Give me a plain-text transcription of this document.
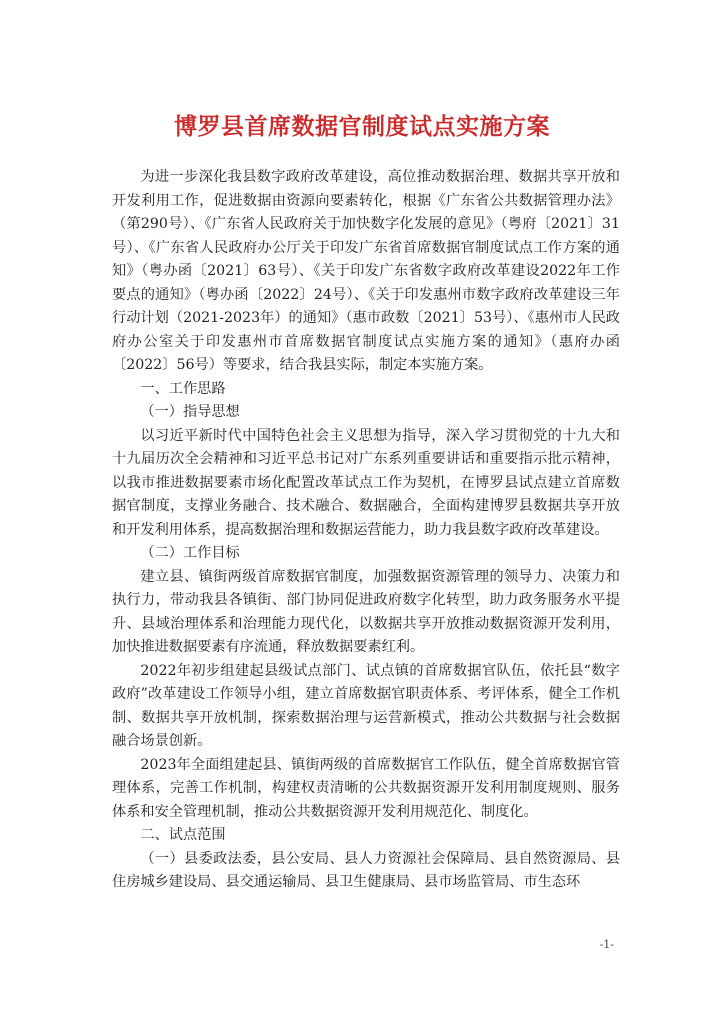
博罗县首席数据官制度试点实施方案

为进一步深化我县数字政府改革建设，高位推动数据治理、数据共享开放和开发利用工作，促进数据由资源向要素转化，根据《广东省公共数据管理办法》（第290号）、《广东省人民政府关于加快数字化发展的意见》（粤府〔2021〕31号）、《广东省人民政府办公厅关于印发广东省首席数据官制度试点工作方案的通知》（粤办函〔2021〕63号）、《关于印发广东省数字政府改革建设2022年工作要点的通知》（粤办函〔2022〕24号）、《关于印发惠州市数字政府改革建设三年行动计划（2021-2023年）的通知》（惠市政数〔2021〕53号）、《惠州市人民政府办公室关于印发惠州市首席数据官制度试点实施方案的通知》（惠府办函〔2022〕56号）等要求，结合我县实际，制定本实施方案。

一、工作思路

（一）指导思想

以习近平新时代中国特色社会主义思想为指导，深入学习贯彻党的十九大和十九届历次全会精神和习近平总书记对广东系列重要讲话和重要指示批示精神，以我市推进数据要素市场化配置改革试点工作为契机，在博罗县试点建立首席数据官制度，支撑业务融合、技术融合、数据融合，全面构建博罗县数据共享开放和开发利用体系，提高数据治理和数据运营能力，助力我县数字政府改革建设。

（二）工作目标

建立县、镇街两级首席数据官制度，加强数据资源管理的领导力、决策力和执行力，带动我县各镇街、部门协同促进政府数字化转型，助力政务服务水平提升、县域治理体系和治理能力现代化，以数据共享开放推动数据资源开发利用，加快推进数据要素有序流通，释放数据要素红利。

2022年初步组建起县级试点部门、试点镇的首席数据官队伍，依托县“数字政府”改革建设工作领导小组，建立首席数据官职责体系、考评体系，健全工作机制、数据共享开放机制，探索数据治理与运营新模式，推动公共数据与社会数据融合场景创新。

2023年全面组建起县、镇街两级的首席数据官工作队伍，健全首席数据官管理体系，完善工作机制，构建权责清晰的公共数据资源开发利用制度规则、服务体系和安全管理机制，推动公共数据资源开发利用规范化、制度化。

二、试点范围

（一）县委政法委，县公安局、县人力资源社会保障局、县自然资源局、县住房城乡建设局、县交通运输局、县卫生健康局、县市场监管局、市生态环

-1-
